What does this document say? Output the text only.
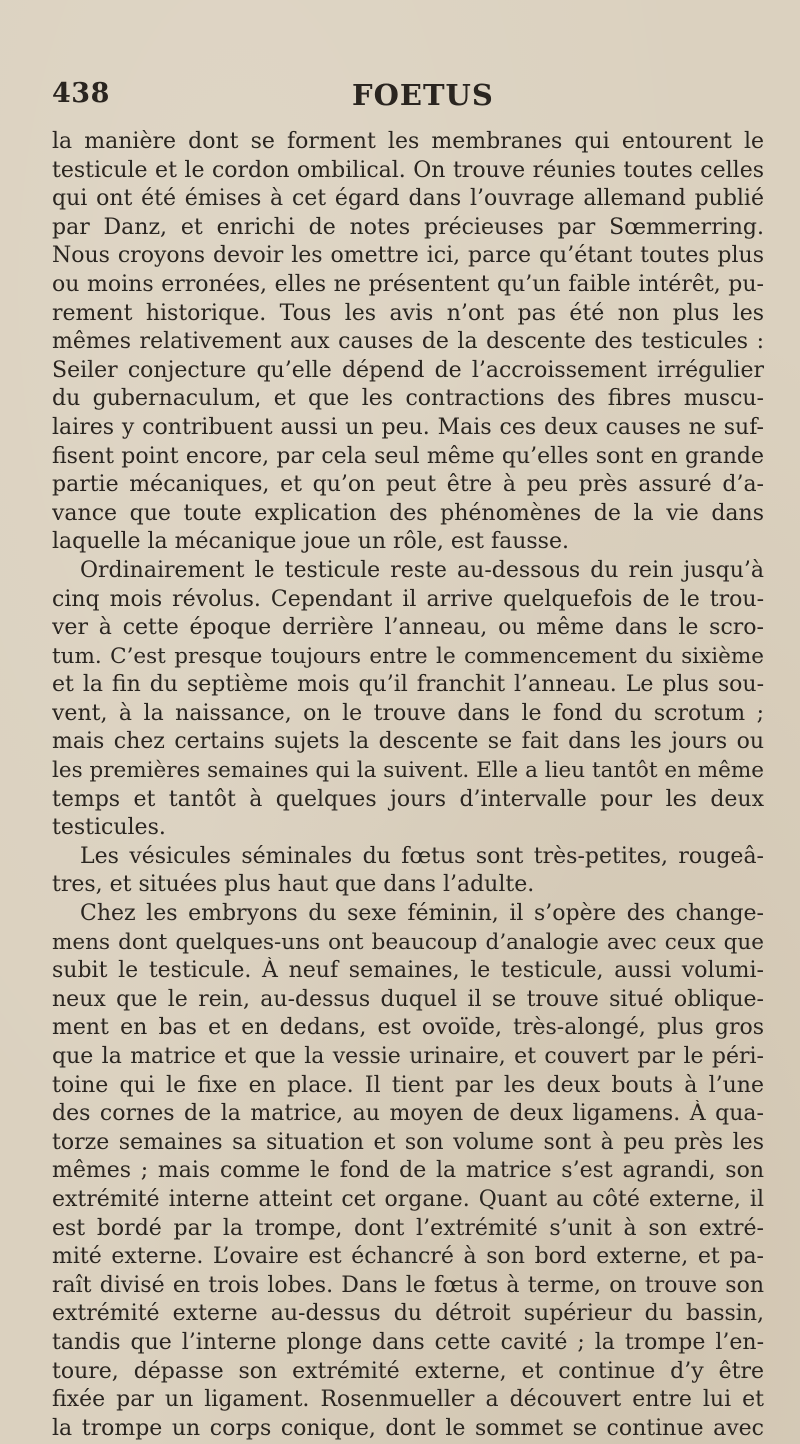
438	FOETUS
la manière dont se forment les membranes qui entourent le
testicule et le cordon ombilical. On trouve réunies toutes celles
qui ont été émises à cet égard dans l’ouvrage allemand publié
par Danz, et enrichi de notes précieuses par Sœmmerring.
Nous croyons devoir les omettre ici, parce qu’étant toutes plus
ou moins erronées, elles ne présentent qu’un faible intérêt, pu-
rement historique. Tous les avis n’ont pas été non plus les
mêmes relativement aux causes de la descente des testicules :
Seiler conjecture qu’elle dépend de l’accroissement irrégulier
du gubernaculum, et que les contractions des fibres muscu-
laires y contribuent aussi un peu. Mais ces deux causes ne suf-
fisent point encore, par cela seul même qu’elles sont en grande
partie mécaniques, et qu’on peut être à peu près assuré d’a-
vance que toute explication des phénomènes de la vie dans
laquelle la mécanique joue un rôle, est fausse.
Ordinairement le testicule reste au-dessous du rein jusqu’à
cinq mois révolus. Cependant il arrive quelquefois de le trou-
ver à cette époque derrière l’anneau, ou même dans le scro-
tum. C’est presque toujours entre le commencement du sixième
et la fin du septième mois qu’il franchit l’anneau. Le plus sou-
vent, à la naissance, on le trouve dans le fond du scrotum ;
mais chez certains sujets la descente se fait dans les jours ou
les premières semaines qui la suivent. Elle a lieu tantôt en même
temps et tantôt à quelques jours d’intervalle pour les deux
testicules.
Les vésicules séminales du fœtus sont très-petites, rougeâ-
tres, et situées plus haut que dans l’adulte.
Chez les embryons du sexe féminin, il s’opère des change-
mens dont quelques-uns ont beaucoup d’analogie avec ceux que
subit le testicule. À neuf semaines, le testicule, aussi volumi-
neux que le rein, au-dessus duquel il se trouve situé oblique-
ment en bas et en dedans, est ovoïde, très-alongé, plus gros
que la matrice et que la vessie urinaire, et couvert par le péri-
toine qui le fixe en place. Il tient par les deux bouts à l’une
des cornes de la matrice, au moyen de deux ligamens. À qua-
torze semaines sa situation et son volume sont à peu près les
mêmes ; mais comme le fond de la matrice s’est agrandi, son
extrémité interne atteint cet organe. Quant au côté externe, il
est bordé par la trompe, dont l’extrémité s’unit à son extré-
mité externe. L’ovaire est échancré à son bord externe, et pa-
raît divisé en trois lobes. Dans le fœtus à terme, on trouve son
extrémité externe au-dessus du détroit supérieur du bassin,
tandis que l’interne plonge dans cette cavité ; la trompe l’en-
toure, dépasse son extrémité externe, et continue d’y être
fixée par un ligament. Rosenmueller a découvert entre lui et
la trompe un corps conique, dont le sommet se continue avec
